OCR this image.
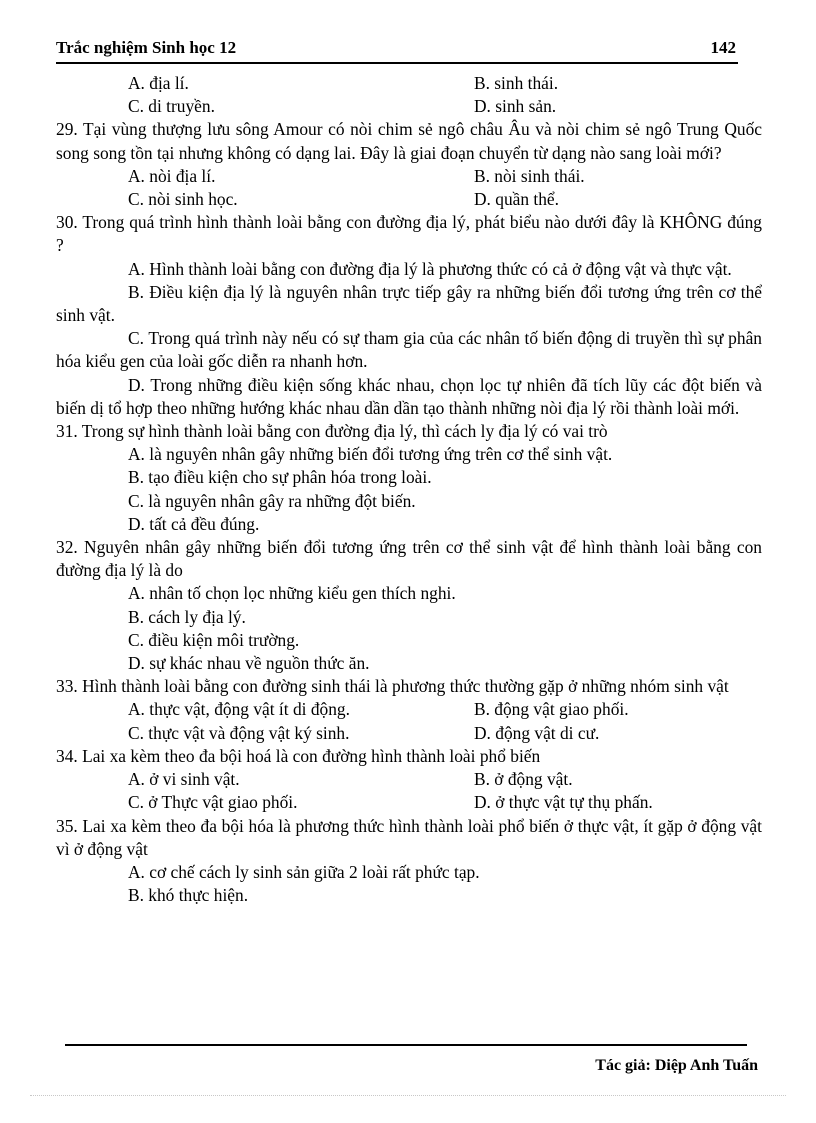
Trắc nghiệm Sinh học 12	142
A. địa lí.	B. sinh thái.
C. di truyền.	D. sinh sản.
29. Tại vùng thượng lưu sông Amour có nòi chim sẻ ngô châu Âu và nòi chim sẻ ngô Trung Quốc song song tồn tại nhưng không có dạng lai. Đây là giai đoạn chuyển từ dạng nào sang loài mới?
A. nòi địa lí.	B. nòi sinh thái.
C. nòi sinh học.	D. quần thể.
30. Trong quá trình hình thành loài bằng con đường địa lý, phát biểu nào dưới đây là KHÔNG đúng ?
A. Hình thành loài bằng con đường địa lý là phương thức có cả ở động vật và thực vật.
B. Điều kiện địa lý là nguyên nhân trực tiếp gây ra những biến đổi tương ứng trên cơ thể sinh vật.
C. Trong quá trình này nếu có sự tham gia của các nhân tố biến động di truyền thì sự phân hóa kiểu gen của loài gốc diễn ra nhanh hơn.
D. Trong những điều kiện sống khác nhau, chọn lọc tự nhiên đã tích lũy các đột biến và biến dị tổ hợp theo những hướng khác nhau dần dần tạo thành những nòi địa lý rồi thành loài mới.
31. Trong sự hình thành loài bằng con đường địa lý, thì cách ly địa lý có vai trò
A. là nguyên nhân gây những biến đổi tương ứng trên cơ thể sinh vật.
B. tạo điều kiện cho sự phân hóa trong loài.
C. là nguyên nhân gây ra những đột biến.
D. tất cả đều đúng.
32. Nguyên nhân gây những biến đổi tương ứng trên cơ thể sinh vật để hình thành loài bằng con đường địa lý là do
A. nhân tố chọn lọc những kiểu gen thích nghi.
B. cách ly địa lý.
C. điều kiện môi trường.
D. sự khác nhau về nguồn thức ăn.
33. Hình thành loài bằng con đường sinh thái là phương thức thường gặp ở những nhóm sinh vật
A. thực vật, động vật ít di động.	B. động vật giao phối.
C. thực vật và động vật ký sinh.	D. động vật di cư.
34. Lai xa kèm theo đa bội hoá là con đường hình thành loài phổ biến
A. ở vi sinh vật.	B. ở động vật.
C. ở Thực vật giao phối.	D. ở thực vật tự thụ phấn.
35. Lai xa kèm theo đa bội hóa là phương thức hình thành loài phổ biến ở thực vật, ít gặp ở động vật vì ở động vật
A. cơ chế cách ly sinh sản giữa 2 loài rất phức tạp.
B. khó thực hiện.
Tác giả: Diệp Anh Tuấn
